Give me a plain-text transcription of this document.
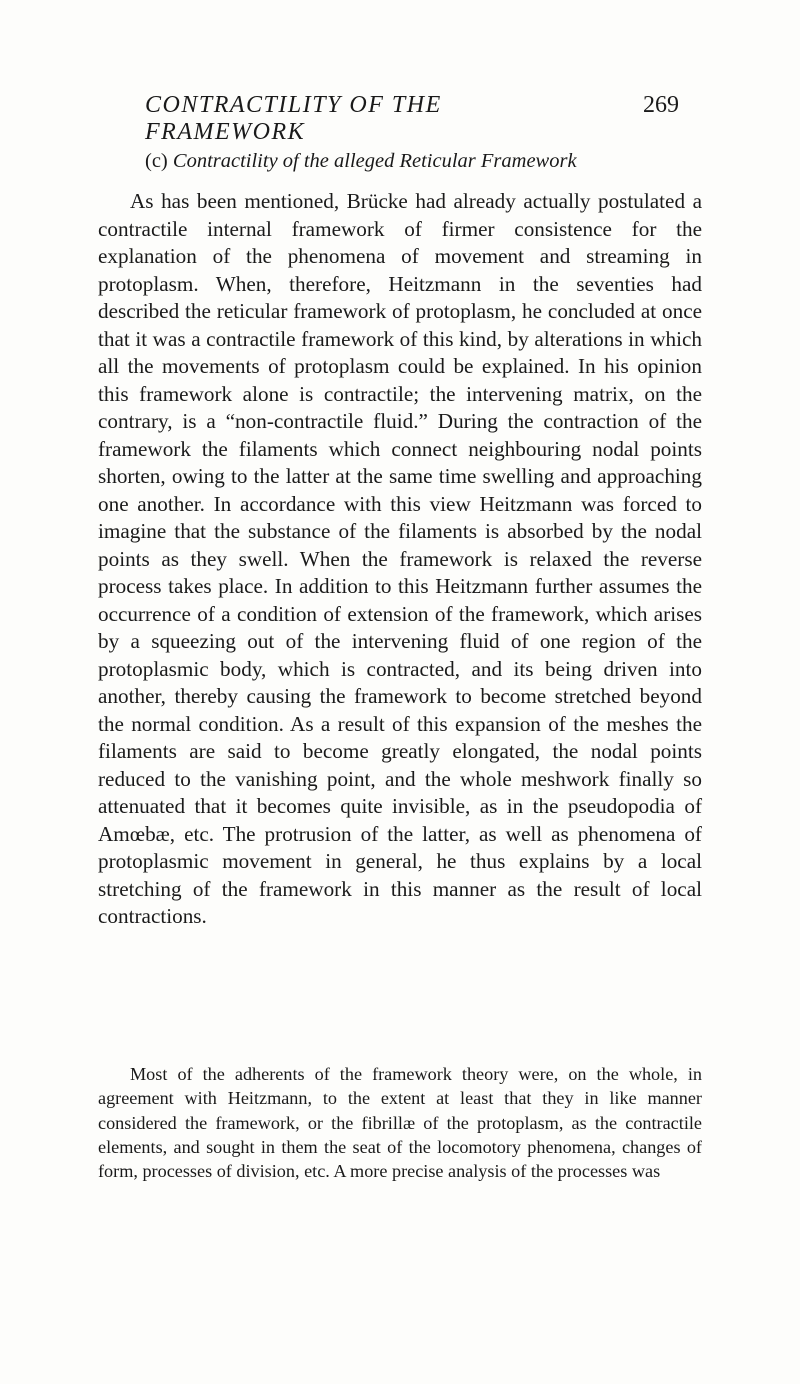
CONTRACTILITY OF THE FRAMEWORK
269
(c) Contractility of the alleged Reticular Framework

As has been mentioned, Brücke had already actually postulated a contractile internal framework of firmer consistence for the explanation of the phenomena of movement and streaming in protoplasm. When, therefore, Heitzmann in the seventies had described the reticular framework of protoplasm, he concluded at once that it was a contractile framework of this kind, by alterations in which all the movements of protoplasm could be explained. In his opinion this framework alone is contractile; the intervening matrix, on the contrary, is a “non-contractile fluid.” During the contraction of the framework the filaments which connect neighbouring nodal points shorten, owing to the latter at the same time swelling and approaching one another. In accordance with this view Heitzmann was forced to imagine that the substance of the filaments is absorbed by the nodal points as they swell. When the framework is relaxed the reverse process takes place. In addition to this Heitzmann further assumes the occurrence of a condition of extension of the framework, which arises by a squeezing out of the intervening fluid of one region of the protoplasmic body, which is contracted, and its being driven into another, thereby causing the framework to become stretched beyond the normal condition. As a result of this expansion of the meshes the filaments are said to become greatly elongated, the nodal points reduced to the vanishing point, and the whole meshwork finally so attenuated that it becomes quite invisible, as in the pseudopodia of Amœbæ, etc. The protrusion of the latter, as well as phenomena of protoplasmic movement in general, he thus explains by a local stretching of the framework in this manner as the result of local contractions.

Most of the adherents of the framework theory were, on the whole, in agreement with Heitzmann, to the extent at least that they in like manner considered the framework, or the fibrillæ of the protoplasm, as the contractile elements, and sought in them the seat of the locomotory phenomena, changes of form, processes of division, etc. A more precise analysis of the processes was
